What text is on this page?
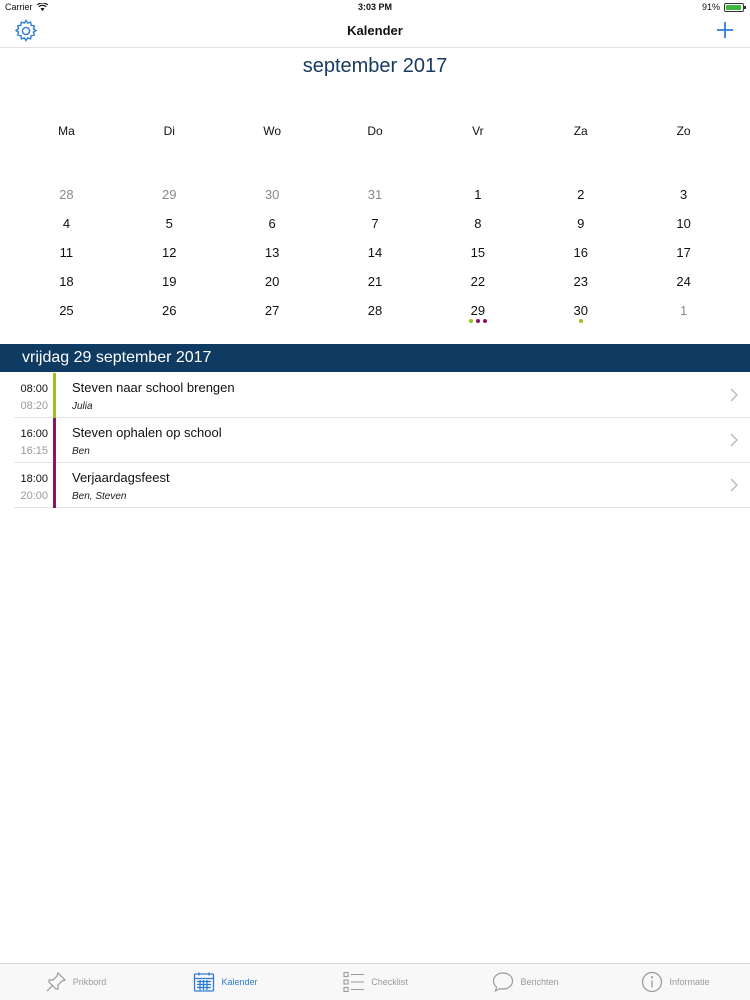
Carrier	3:03 PM	91%
Kalender
september 2017
Ma	Di	Wo	Do	Vr	Za	Zo
28	29	30	31	1	2	3
4	5	6	7	8	9	10
11	12	13	14	15	16	17
18	19	20	21	22	23	24
25	26	27	28	29	30	1
vrijdag 29 september 2017
08:00
08:20
Steven naar school brengen
Julia
16:00
16:15
Steven ophalen op school
Ben
18:00
20:00
Verjaardagsfeest
Ben, Steven
Prikbord	Kalender	Checklist	Berichten	Informatie
